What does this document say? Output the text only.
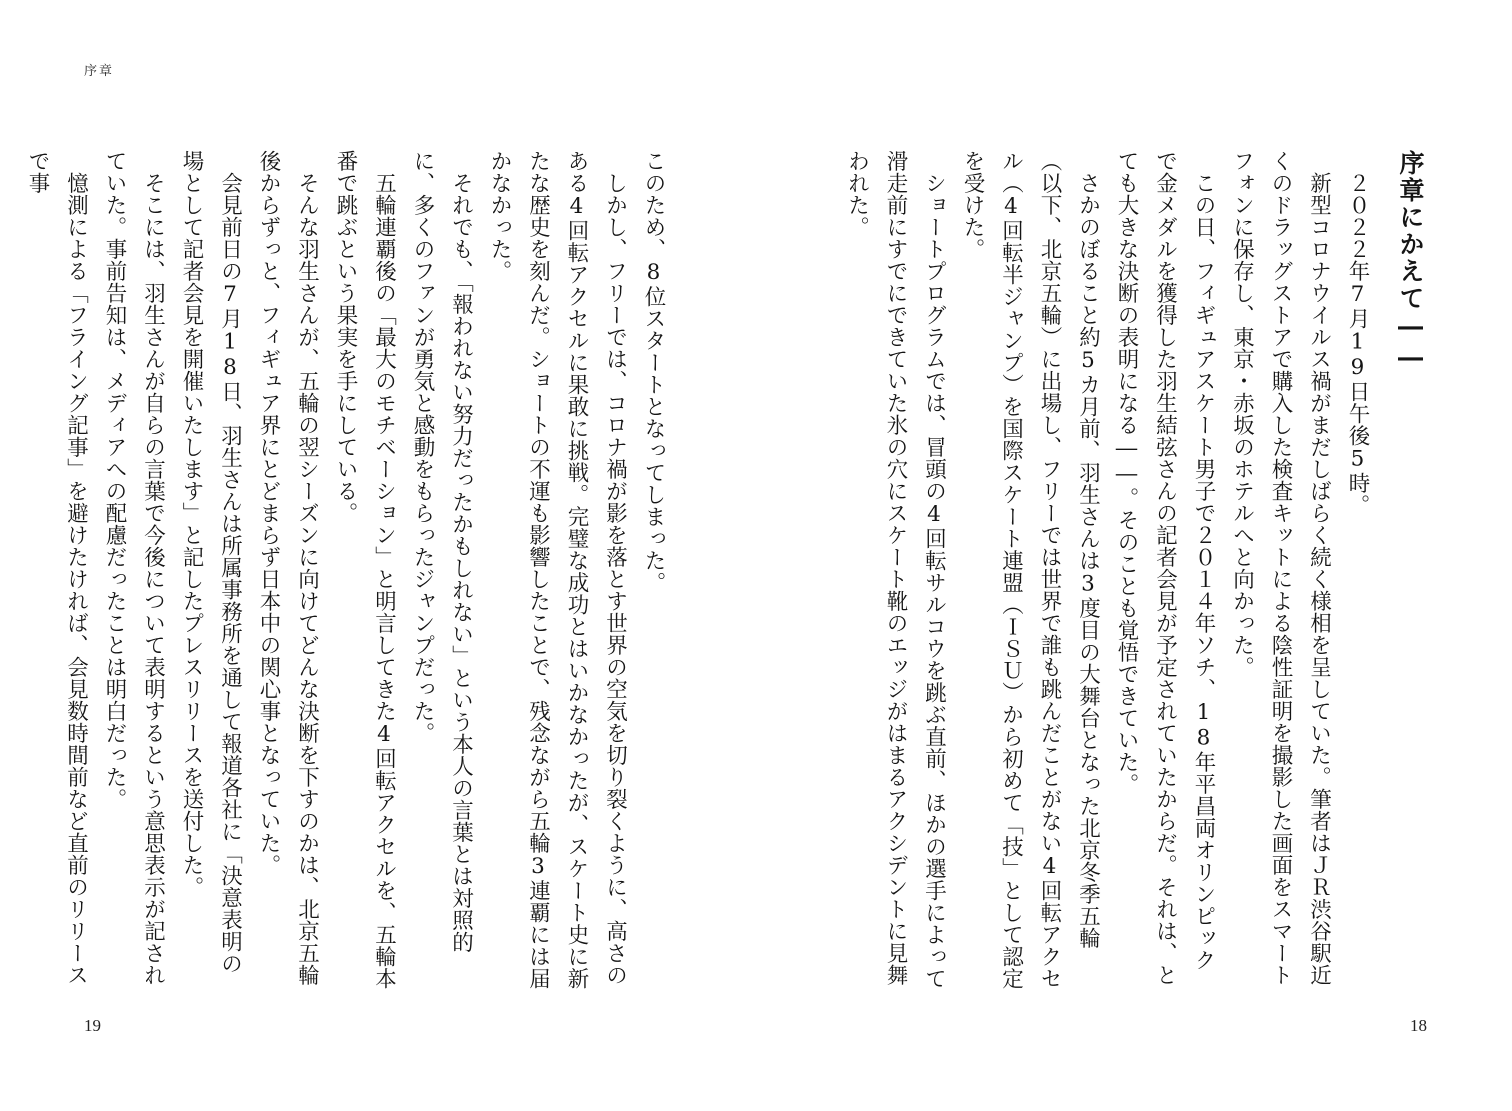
序章

このため、8位スタートとなってしまった。

しかし、フリーでは、コロナ禍が影を落とす世界の空気を切り裂くように、高さのある4回転アクセルに果敢に挑戦。完璧な成功とはいかなかったが、スケート史に新たな歴史を刻んだ。ショートの不運も影響したことで、残念ながら五輪3連覇には届かなかった。

それでも、「報われない努力だったかもしれない」という本人の言葉とは対照的に、多くのファンが勇気と感動をもらったジャンプだった。

五輪連覇後の「最大のモチベーション」と明言してきた4回転アクセルを、五輪本番で跳ぶという果実を手にしている。

そんな羽生さんが、五輪の翌シーズンに向けてどんな決断を下すのかは、北京五輪後からずっと、フィギュア界にとどまらず日本中の関心事となっていた。

会見前日の7月18日、羽生さんは所属事務所を通して報道各社に「決意表明の場として記者会見を開催いたします」と記したプレスリリースを送付した。

そこには、羽生さんが自らの言葉で今後について表明するという意思表示が記されていた。事前告知は、メディアへの配慮だったことは明白だった。

憶測による「フライング記事」を避けたければ、会見数時間前など直前のリリースで事	序章にかえて――

２０２２年7月19日午後5時。

新型コロナウイルス禍がまだしばらく続く様相を呈していた。筆者はＪＲ渋谷駅近くのドラッグストアで購入した検査キットによる陰性証明を撮影した画面をスマートフォンに保存し、東京・赤坂のホテルへと向かった。

この日、フィギュアスケート男子で２０１４年ソチ、18年平昌両オリンピックで金メダルを獲得した羽生結弦さんの記者会見が予定されていたからだ。それは、とても大きな決断の表明になる――。そのことも覚悟できていた。

さかのぼること約5カ月前、羽生さんは3度目の大舞台となった北京冬季五輪（以下、北京五輪）に出場し、フリーでは世界で誰も跳んだことがない4回転アクセル（4回転半ジャンプ）を国際スケート連盟（ＩＳＵ）から初めて「技」として認定を受けた。

ショートプログラムでは、冒頭の4回転サルコウを跳ぶ直前、ほかの選手によって滑走前にすでにできていた氷の穴にスケート靴のエッジがはまるアクシデントに見舞われた。

19	18
